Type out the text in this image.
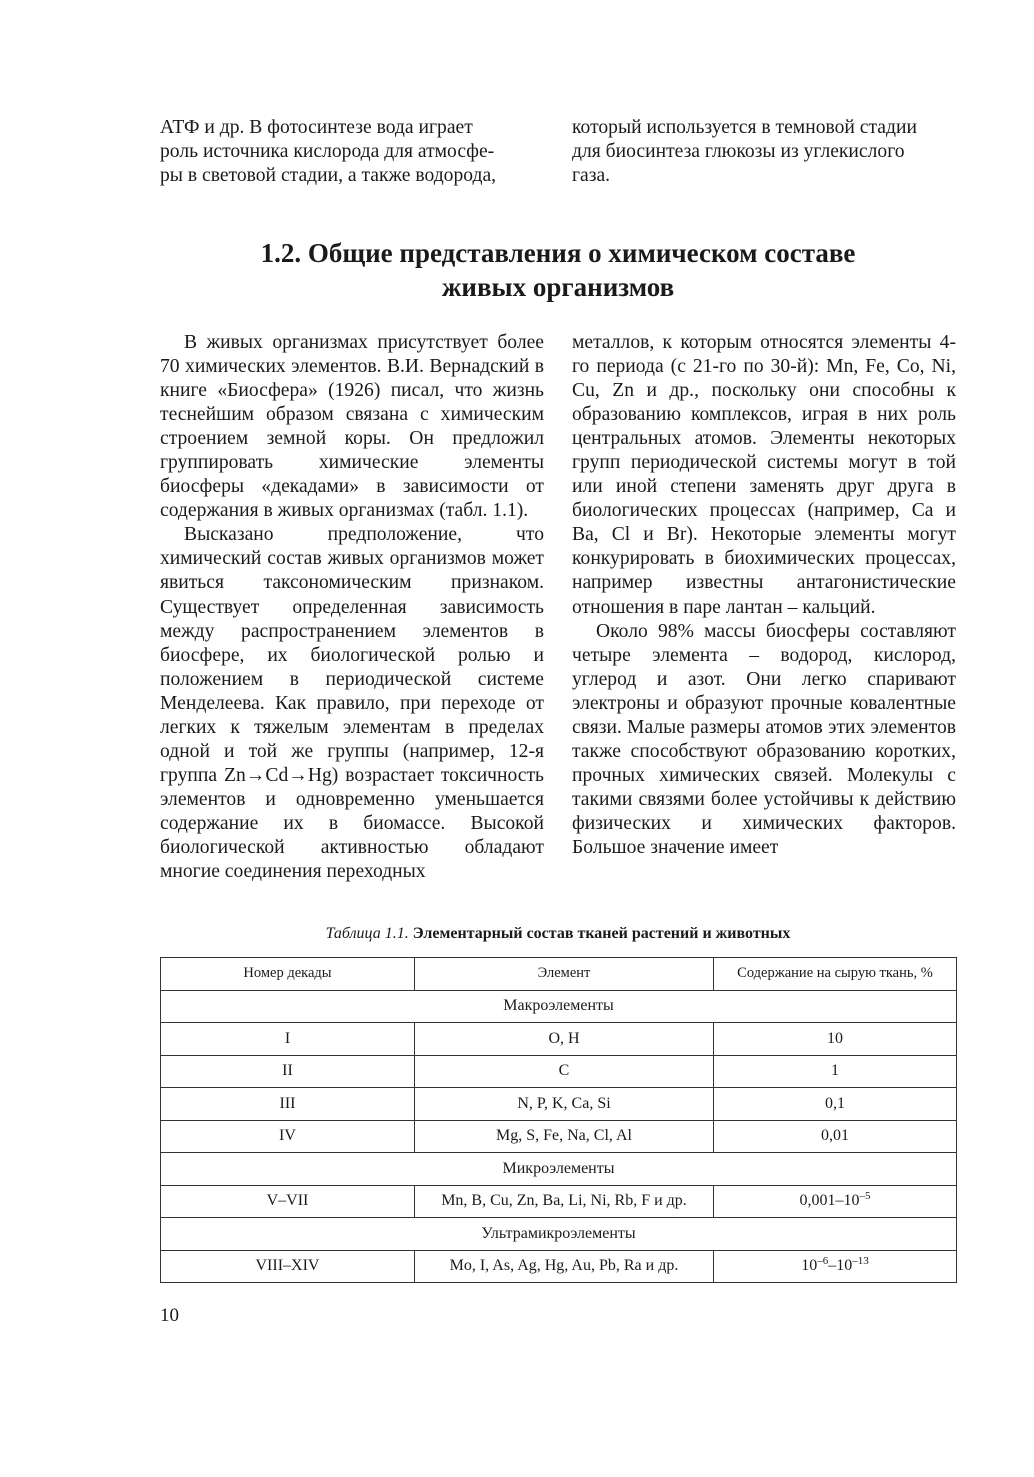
АТФ и др. В фотосинтезе вода играет
роль источника кислорода для атмосфе-
ры в световой стадии, а также водорода,
который используется в темновой стадии
для биосинтеза глюкозы из углекислого
газа.
1.2. Общие представления о химическом составе
живых организмов

В живых организмах присутствует более 70 химических элементов. В.И. Вернадский в книге «Биосфера» (1926) писал, что жизнь теснейшим образом связана с химическим строением земной коры. Он предложил группировать химические элементы биосферы «декадами» в зависимости от содержания в живых организмах (табл. 1.1).

Высказано предположение, что химический состав живых организмов может явиться таксономическим признаком. Существует определенная зависимость между распространением элементов в биосфере, их биологической ролью и положением в периодической системе Менделеева. Как правило, при переходе от легких к тяжелым элементам в пределах одной и той же группы (например, 12-я группа Zn→Cd→Hg) возрастает токсичность элементов и одновременно уменьшается содержание их в биомассе. Высокой биологической активностью обладают многие соединения переходных

металлов, к которым относятся элементы 4-го периода (с 21-го по 30-й): Mn, Fe, Co, Ni, Cu, Zn и др., поскольку они способны к образованию комплексов, играя в них роль центральных атомов. Элементы некоторых групп периодической системы могут в той или иной степени заменять друг друга в биологических процессах (например, Ca и Ba, Cl и Br). Некоторые элементы могут конкурировать в биохимических процессах, например известны антагонистические отношения в паре лантан – кальций.

Около 98% массы биосферы составляют четыре элемента – водород, кислород, углерод и азот. Они легко спаривают электроны и образуют прочные ковалентные связи. Малые размеры атомов этих элементов также способствуют образованию коротких, прочных химических связей. Молекулы с такими связями более устойчивы к действию физических и химических факторов. Большое значение имеет

Таблица 1.1. Элементарный состав тканей растений и животных
Номер декады	Элемент	Содержание на сырую ткань, %
Макроэлементы		
I	O, H	10
II	C	1
III	N, P, K, Ca, Si	0,1
IV	Mg, S, Fe, Na, Cl, Al	0,01
Микроэлементы		
V–VII	Mn, B, Cu, Zn, Ba, Li, Ni, Rb, F и др.	$0,001-10^{-5}$
Ультрамикроэлементы		
VIII–XIV	Mo, I, As, Ag, Hg, Au, Pb, Ra и др.	$10^{-6}-10^{-13}$
10
